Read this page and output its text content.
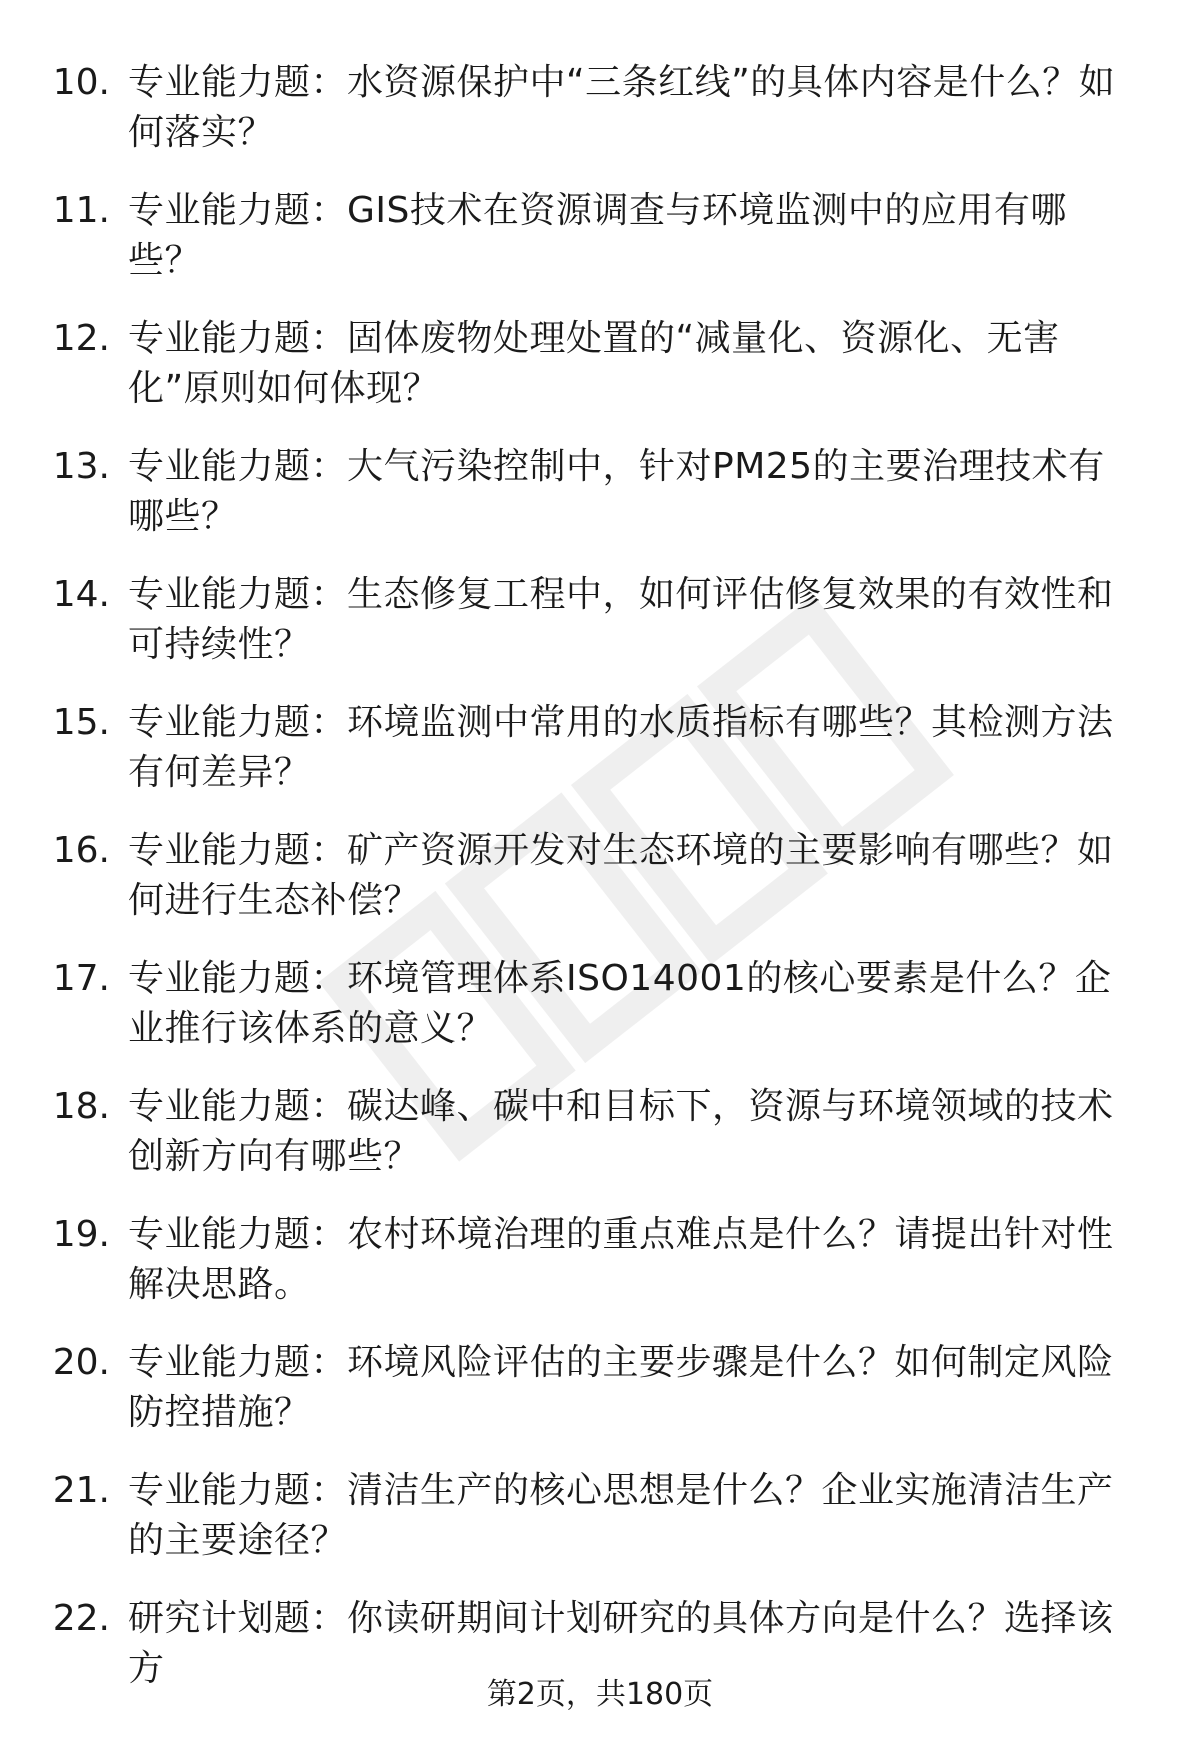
10. 专业能力题：水资源保护中“三条红线”的具体内容是什么？如何落实？
11. 专业能力题：GIS技术在资源调查与环境监测中的应用有哪些？
12. 专业能力题：固体废物处理处置的“减量化、资源化、无害化”原则如何体现？
13. 专业能力题：大气污染控制中，针对PM25的主要治理技术有哪些？
14. 专业能力题：生态修复工程中，如何评估修复效果的有效性和可持续性？
15. 专业能力题：环境监测中常用的水质指标有哪些？其检测方法有何差异？
16. 专业能力题：矿产资源开发对生态环境的主要影响有哪些？如何进行生态补偿？
17. 专业能力题：环境管理体系ISO14001的核心要素是什么？企业推行该体系的意义？
18. 专业能力题：碳达峰、碳中和目标下，资源与环境领域的技术创新方向有哪些？
19. 专业能力题：农村环境治理的重点难点是什么？请提出针对性解决思路。
20. 专业能力题：环境风险评估的主要步骤是什么？如何制定风险防控措施？
21. 专业能力题：清洁生产的核心思想是什么？企业实施清洁生产的主要途径？
22. 研究计划题：你读研期间计划研究的具体方向是什么？选择该方
第2页，共180页
